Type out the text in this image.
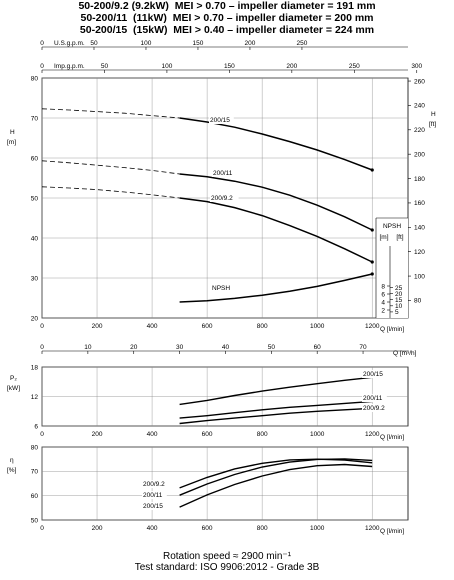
50-200/9.2 (9.2kW)  MEI > 0.70 – impeller diameter = 191 mm
50-200/11  (11kW)  MEI > 0.70 – impeller diameter = 200 mm
50-200/15  (15kW)  MEI > 0.40 – impeller diameter = 224 mm
0	50	100	150	200	250
U.S.g.p.m.
0	50	100	150	200	250	300
Imp.g.p.m.
0	200	400	600	800	1000	1200
20
30
40
50
60
70
80
80
100
120
140
160
180
200
220
240
260
H
[m]
H
[ft]
Q [l/min]
NPSH
[m] [ft]
2
4
6
8
5
10
15
20
25
200/15
200/11
200/9.2
NPSH
0	10	20	30	40	50	60	70
Q [m³/h]
0	200	400	600	800	1000	1200
6
12
18
P₂
[kW]
Q [l/min]
200/15
200/11
200/9.2
0	200	400	600	800	1000	1200
50
60
70
80
η
[%]
Q [l/min]
200/9.2
200/11
200/15
Rotation speed ≈ 2900 min⁻¹
Test standard: ISO 9906:2012 - Grade 3B
